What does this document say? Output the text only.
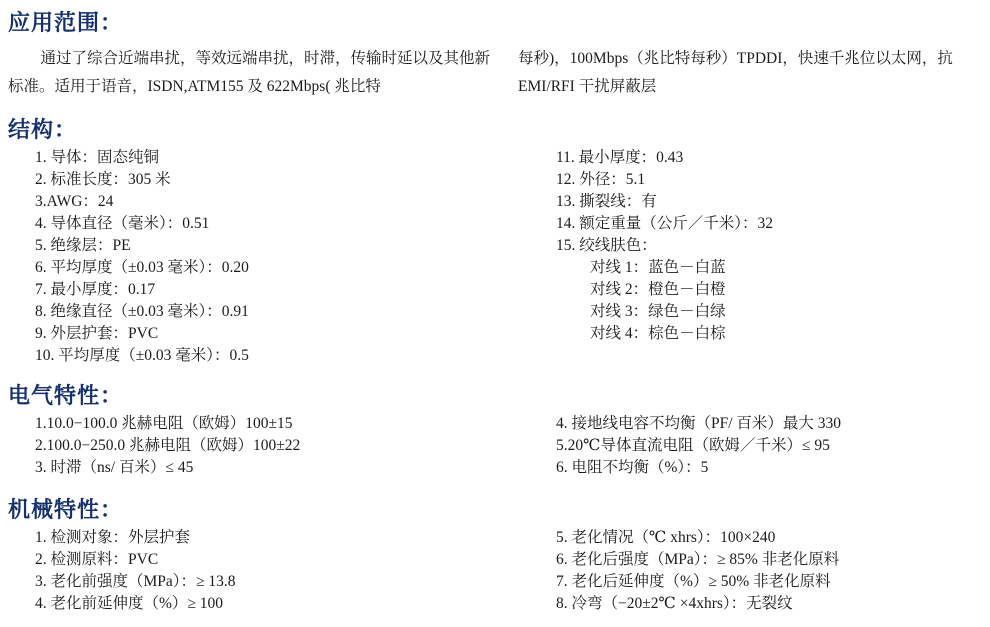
应用范围：

通过了综合近端串扰，等效远端串扰，时滞，传输时延以及其他新标准。适用于语音，ISDN,ATM155 及 622Mbps( 兆比特

每秒)，100Mbps（兆比特每秒）TPDDI，快速千兆位以太网，抗 EMI/RFI 干扰屏蔽层

结构：
1. 导体：固态纯铜
2. 标准长度：305 米
3.AWG：24
4. 导体直径（毫米）：0.51
5. 绝缘层：PE
6. 平均厚度（±0.03 毫米）：0.20
7. 最小厚度：0.17
8. 绝缘直径（±0.03 毫米）：0.91
9. 外层护套：PVC
10. 平均厚度（±0.03 毫米）：0.5
11. 最小厚度：0.43
12. 外径：5.1
13. 撕裂线：有
14. 额定重量（公斤／千米）：32
15. 绞线肤色：
对线 1：蓝色－白蓝
对线 2：橙色－白橙
对线 3：绿色－白绿
对线 4：棕色－白棕
电气特性：
1.10.0−100.0 兆赫电阻（欧姆）100±15
2.100.0−250.0 兆赫电阻（欧姆）100±22
3. 时滞（ns/ 百米）≤ 45
4. 接地线电容不均衡（PF/ 百米）最大 330
5.20℃导体直流电阻（欧姆／千米）≤ 95
6. 电阻不均衡（%）：5
机械特性：
1. 检测对象：外层护套
2. 检测原料：PVC
3. 老化前强度（MPa）：≥ 13.8
4. 老化前延伸度（%）≥ 100
5. 老化情况（℃ xhrs）：100×240
6. 老化后强度（MPa）：≥ 85% 非老化原料
7. 老化后延伸度（%）≥ 50% 非老化原料
8. 冷弯（−20±2℃ ×4xhrs）：无裂纹
